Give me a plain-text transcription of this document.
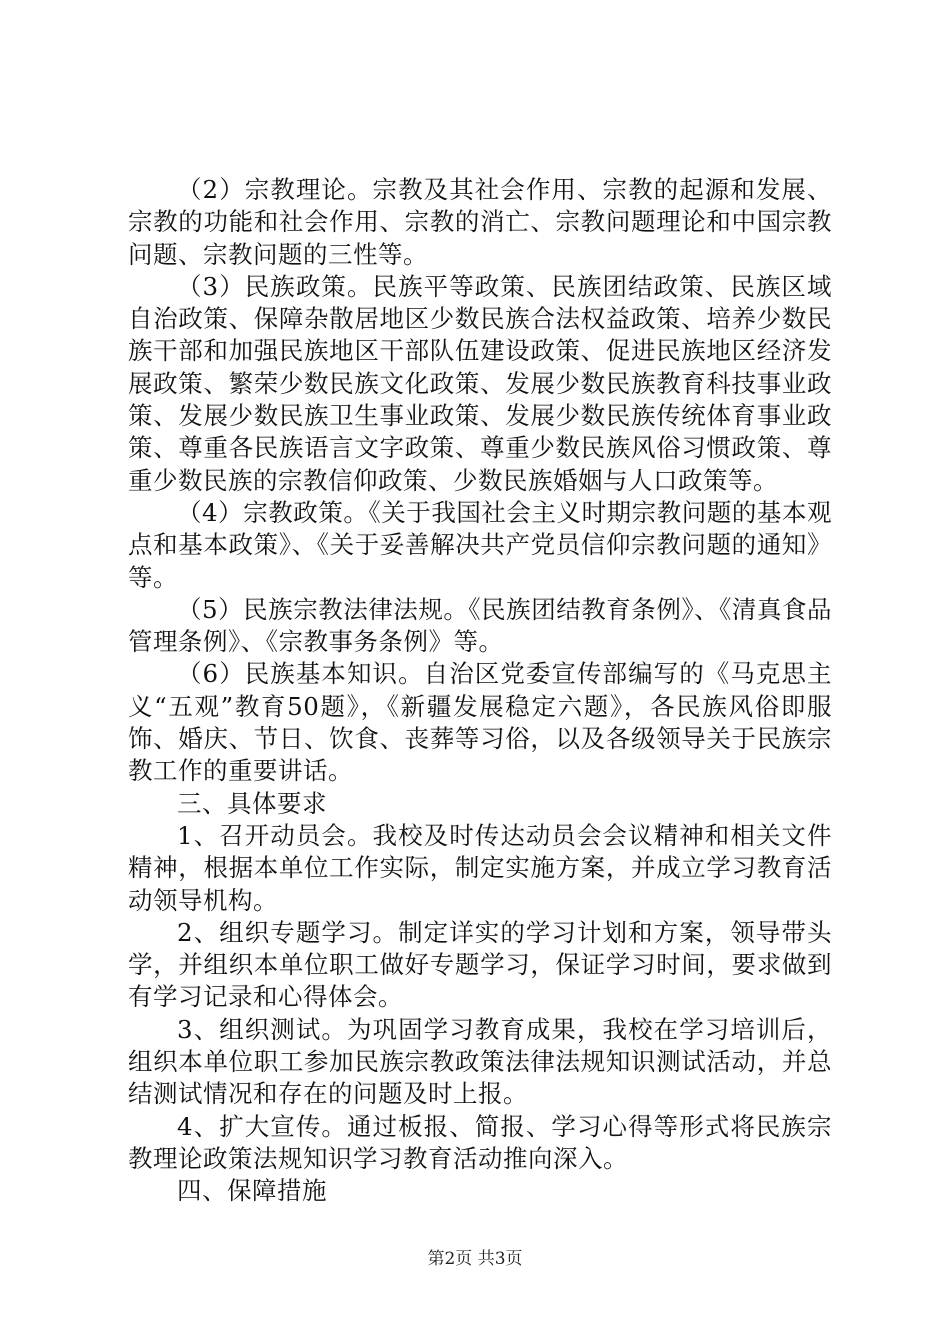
（2）宗教理论。宗教及其社会作用、宗教的起源和发展、宗教的功能和社会作用、宗教的消亡、宗教问题理论和中国宗教问题、宗教问题的三性等。

（3）民族政策。民族平等政策、民族团结政策、民族区域自治政策、保障杂散居地区少数民族合法权益政策、培养少数民族干部和加强民族地区干部队伍建设政策、促进民族地区经济发展政策、繁荣少数民族文化政策、发展少数民族教育科技事业政策、发展少数民族卫生事业政策、发展少数民族传统体育事业政策、尊重各民族语言文字政策、尊重少数民族风俗习惯政策、尊重少数民族的宗教信仰政策、少数民族婚姻与人口政策等。

（4）宗教政策。《关于我国社会主义时期宗教问题的基本观点和基本政策》、《关于妥善解决共产党员信仰宗教问题的通知》等。

（5）民族宗教法律法规。《民族团结教育条例》、《清真食品管理条例》、《宗教事务条例》等。

（6）民族基本知识。自治区党委宣传部编写的《马克思主义“五观”教育50题》，《新疆发展稳定六题》，各民族风俗即服饰、婚庆、节日、饮食、丧葬等习俗，以及各级领导关于民族宗教工作的重要讲话。

三、具体要求

1、召开动员会。我校及时传达动员会会议精神和相关文件精神，根据本单位工作实际，制定实施方案，并成立学习教育活动领导机构。

2、组织专题学习。制定详实的学习计划和方案，领导带头学，并组织本单位职工做好专题学习，保证学习时间，要求做到有学习记录和心得体会。

3、组织测试。为巩固学习教育成果，我校在学习培训后，组织本单位职工参加民族宗教政策法律法规知识测试活动，并总结测试情况和存在的问题及时上报。

4、扩大宣传。通过板报、简报、学习心得等形式将民族宗教理论政策法规知识学习教育活动推向深入。

四、保障措施

第2页 共3页
